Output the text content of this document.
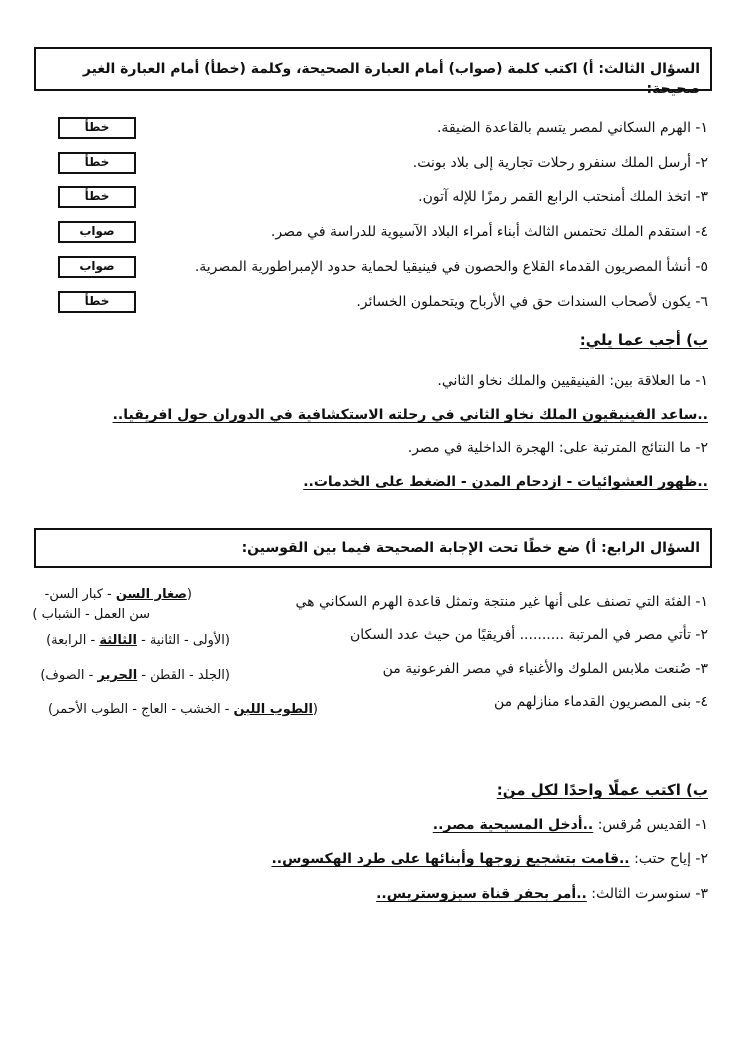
السؤال الثالث: أ) اكتب كلمة (صواب) أمام العبارة الصحيحة، وكلمة (خطأ) أمام العبارة الغير صحيحة:
١- الهرم السكاني لمصر يتسم بالقاعدة الضيقة.
خطأ
٢- أرسل الملك سنفرو رحلات تجارية إلى بلاد بونت.
خطأ
٣- اتخذ الملك أمنحتب الرابع القمر رمزًا للإله آتون.
خطأ
٤- استقدم الملك تحتمس الثالث أبناء أمراء البلاد الآسيوية للدراسة في مصر.
صواب
٥- أنشأ المصريون القدماء القلاع والحصون في فينيقيا لحماية حدود الإمبراطورية المصرية.
صواب
٦- يكون لأصحاب السندات حق في الأرباح ويتحملون الخسائر.
خطأ
ب) أجب عما يلي:
١- ما العلاقة بين: الفينيقيين والملك نخاو الثاني.
..ساعد الفينيقيون الملك نخاو الثاني في رحلته الاستكشافية في الدوران حول افريقيا..
٢- ما النتائج المترتبة على: الهجرة الداخلية في مصر.
..ظهور العشوائيات - ازدحام المدن - الضغط على الخدمات..
السؤال الرابع: أ) ضع خطًا تحت الإجابة الصحيحة فيما بين القوسين:
١- الفئة التي تصنف على أنها غير منتجة وتمثل قاعدة الهرم السكاني هي
(صغار السن - كبار السن-
سن العمل - الشباب )
٢- تأتي مصر في المرتبة .......... أفريقيًا من حيث عدد السكان
(الأولى - الثانية - الثالثة - الرابعة)
٣- صُنعت ملابس الملوك والأغنياء في مصر الفرعونية من
(الجلد - القطن - الحرير - الصوف)
٤- بنى المصريون القدماء منازلهم من
(الطوب اللبن - الخشب - العاج - الطوب الأحمر)
ب) اكتب عملًا واحدًا لكل من:
١- القديس مُرقس: ..أدخل المسيحية مصر..
٢- إياح حتب: ..قامت بتشجيع زوجها وأبنائها على طرد الهكسوس..
٣- سنوسرت الثالث: ..أمر بحفر قناة سيزوستريس..
